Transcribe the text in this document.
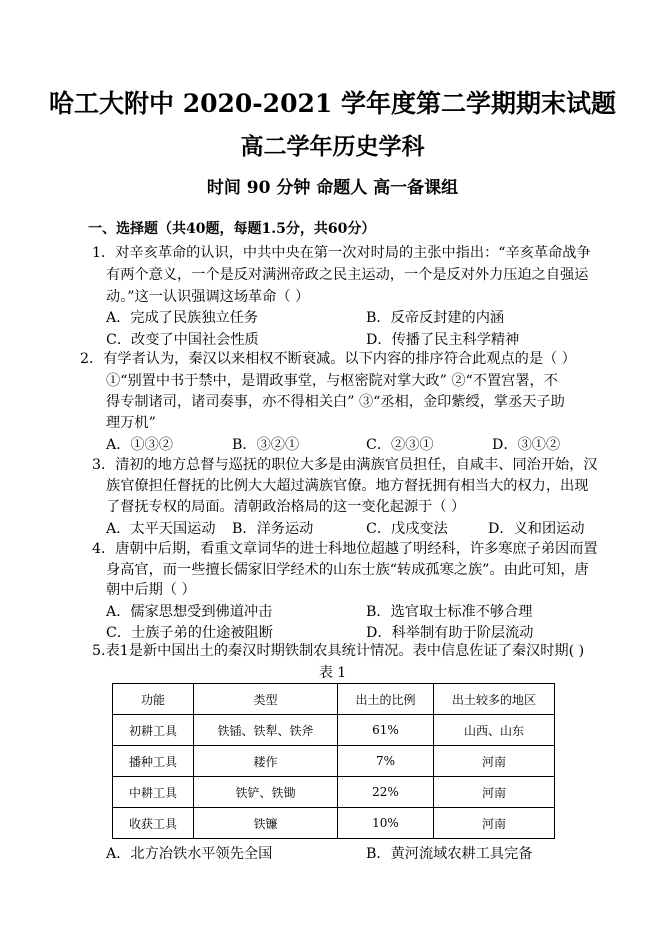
哈工大附中 2020-2021 学年度第二学期期末试题
高二学年历史学科
时间 90 分钟 命题人 高一备课组
一、选择题（共40题，每题1.5分，共60分）
1．对辛亥革命的认识，中共中央在第一次对时局的主张中指出：“辛亥革命战争
有两个意义，一个是反对满洲帝政之民主运动，一个是反对外力压迫之自强运
动。”这一认识强调这场革命（ ）
A．完成了民族独立任务	B．反帝反封建的内涵
C．改变了中国社会性质	D．传播了民主科学精神
2．有学者认为，秦汉以来相权不断衰减。以下内容的排序符合此观点的是（ ）
①“别置中书于禁中，是谓政事堂，与枢密院对掌大政” ②“不置宫署，不
得专制诸司，诸司奏事，亦不得相关白” ③“丞相，金印紫绶，掌丞天子助
理万机”
A．①③②	B．③②①	C．②③①	D．③①②
3．清初的地方总督与巡抚的职位大多是由满族官员担任，自咸丰、同治开始，汉
族官僚担任督抚的比例大大超过满族官僚。地方督抚拥有相当大的权力，出现
了督抚专权的局面。清朝政治格局的这一变化起源于（ ）
A．太平天国运动 B．洋务运动	C．戊戌变法	D．义和团运动
4．唐朝中后期，看重文章词华的进士科地位超越了明经科，许多寒庶子弟因而置
身高官，而一些擅长儒家旧学经术的山东士族“转成孤寒之族”。由此可知，唐
朝中后期（ ）
A．儒家思想受到佛道冲击	B．选官取士标准不够合理
C．士族子弟的仕途被阻断	D．科举制有助于阶层流动
5.表1是新中国出土的秦汉时期铁制农具统计情况。表中信息佐证了秦汉时期( )
表 1
功能	类型	出土的比例	出土较多的地区
初耕工具	铁锸、铁犁、铁斧	61%	山西、山东
播种工具	耧作	7%	河南
中耕工具	铁铲、铁锄	22%	河南
收获工具	铁镰	10%	河南
A．北方冶铁水平领先全国	B．黄河流域农耕工具完备
